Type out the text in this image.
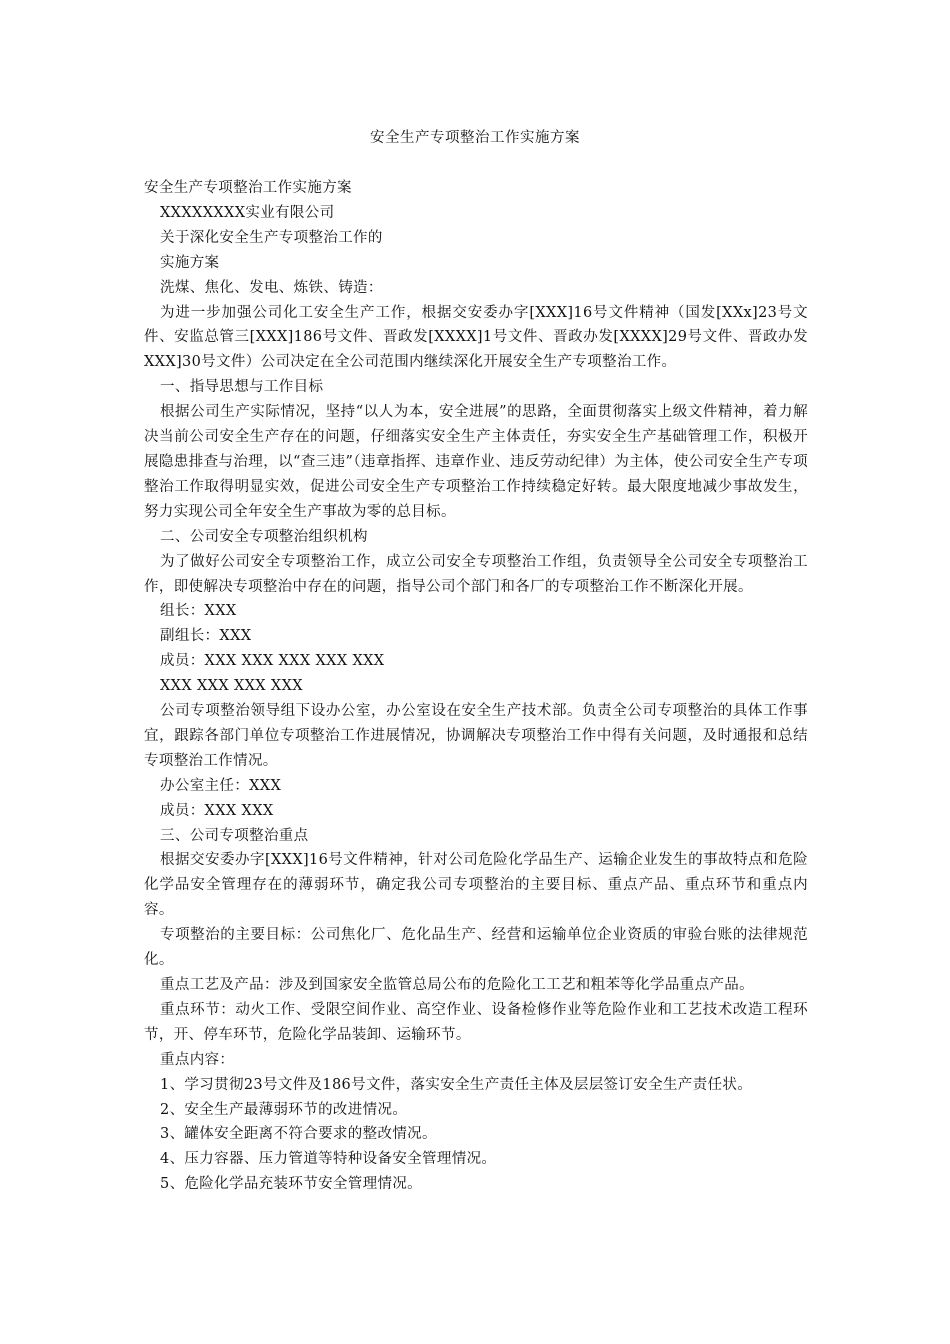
安全生产专项整治工作实施方案

安全生产专项整治工作实施方案

XXXXXXXX实业有限公司

关于深化安全生产专项整治工作的

实施方案

洗煤、焦化、发电、炼铁、铸造：

为进一步加强公司化工安全生产工作，根据交安委办字[XXX]16号文件精神（国发[XXx]23号文件、安监总管三[XXX]186号文件、晋政发[XXXX]1号文件、晋政办发[XXXX]29号文件、晋政办发XXX]30号文件）公司决定在全公司范围内继续深化开展安全生产专项整治工作。

一、指导思想与工作目标

根据公司生产实际情况，坚持“以人为本，安全进展”的思路，全面贯彻落实上级文件精神，着力解决当前公司安全生产存在的问题，仔细落实安全生产主体责任，夯实安全生产基础管理工作，积极开展隐患排查与治理，以“查三违”（违章指挥、违章作业、违反劳动纪律）为主体，使公司安全生产专项整治工作取得明显实效，促进公司安全生产专项整治工作持续稳定好转。最大限度地减少事故发生，努力实现公司全年安全生产事故为零的总目标。

二、公司安全专项整治组织机构

为了做好公司安全专项整治工作，成立公司安全专项整治工作组，负责领导全公司安全专项整治工作，即使解决专项整治中存在的问题，指导公司个部门和各厂的专项整治工作不断深化开展。

组长：XXX

副组长：XXX

成员：XXX XXX XXX XXX XXX

XXX XXX XXX XXX

公司专项整治领导组下设办公室，办公室设在安全生产技术部。负责全公司专项整治的具体工作事宜，跟踪各部门单位专项整治工作进展情况，协调解决专项整治工作中得有关问题，及时通报和总结专项整治工作情况。

办公室主任：XXX

成员：XXX XXX

三、公司专项整治重点

根据交安委办字[XXX]16号文件精神，针对公司危险化学品生产、运输企业发生的事故特点和危险化学品安全管理存在的薄弱环节，确定我公司专项整治的主要目标、重点产品、重点环节和重点内容。

专项整治的主要目标：公司焦化厂、危化品生产、经营和运输单位企业资质的审验台账的法律规范化。

重点工艺及产品：涉及到国家安全监管总局公布的危险化工工艺和粗苯等化学品重点产品。

重点环节：动火工作、受限空间作业、高空作业、设备检修作业等危险作业和工艺技术改造工程环节，开、停车环节，危险化学品装卸、运输环节。

重点内容：

1、学习贯彻23号文件及186号文件，落实安全生产责任主体及层层签订安全生产责任状。

2、安全生产最薄弱环节的改进情况。

3、罐体安全距离不符合要求的整改情况。

4、压力容器、压力管道等特种设备安全管理情况。

5、危险化学品充装环节安全管理情况。
